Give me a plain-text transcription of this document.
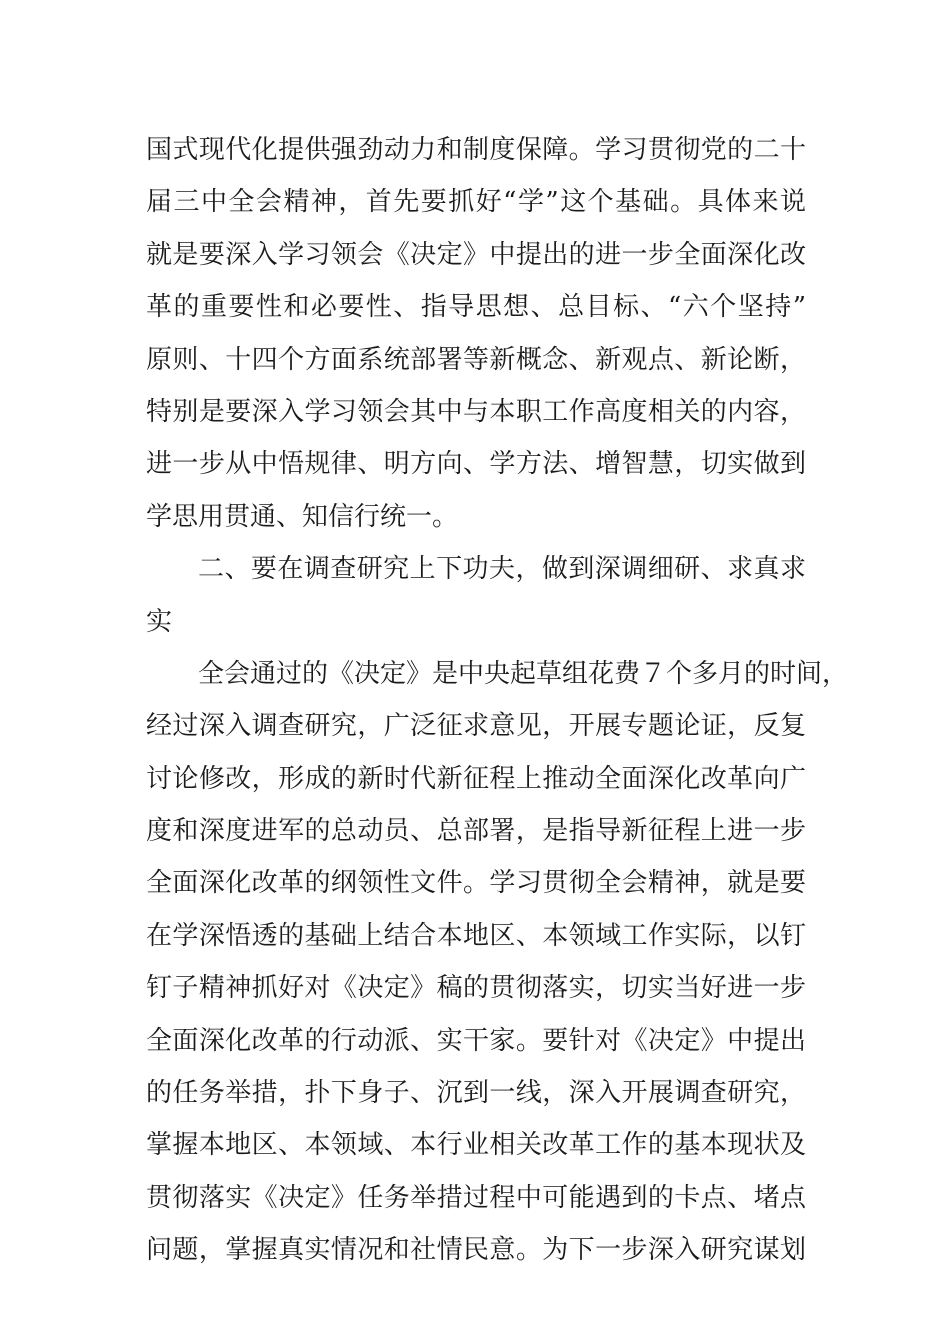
国式现代化提供强劲动力和制度保障。学习贯彻党的二十
届三中全会精神，首先要抓好“学”这个基础。具体来说
就是要深入学习领会《决定》中提出的进一步全面深化改
革的重要性和必要性、指导思想、总目标、“六个坚持”
原则、十四个方面系统部署等新概念、新观点、新论断，
特别是要深入学习领会其中与本职工作高度相关的内容，
进一步从中悟规律、明方向、学方法、增智慧，切实做到
学思用贯通、知信行统一。
二、要在调查研究上下功夫，做到深调细研、求真求
实
全会通过的《决定》是中央起草组花费７个多月的时间，
经过深入调查研究，广泛征求意见，开展专题论证，反复
讨论修改，形成的新时代新征程上推动全面深化改革向广
度和深度进军的总动员、总部署，是指导新征程上进一步
全面深化改革的纲领性文件。学习贯彻全会精神，就是要
在学深悟透的基础上结合本地区、本领域工作实际，以钉
钉子精神抓好对《决定》稿的贯彻落实，切实当好进一步
全面深化改革的行动派、实干家。要针对《决定》中提出
的任务举措，扑下身子、沉到一线，深入开展调查研究，
掌握本地区、本领域、本行业相关改革工作的基本现状及
贯彻落实《决定》任务举措过程中可能遇到的卡点、堵点
问题，掌握真实情况和社情民意。为下一步深入研究谋划
